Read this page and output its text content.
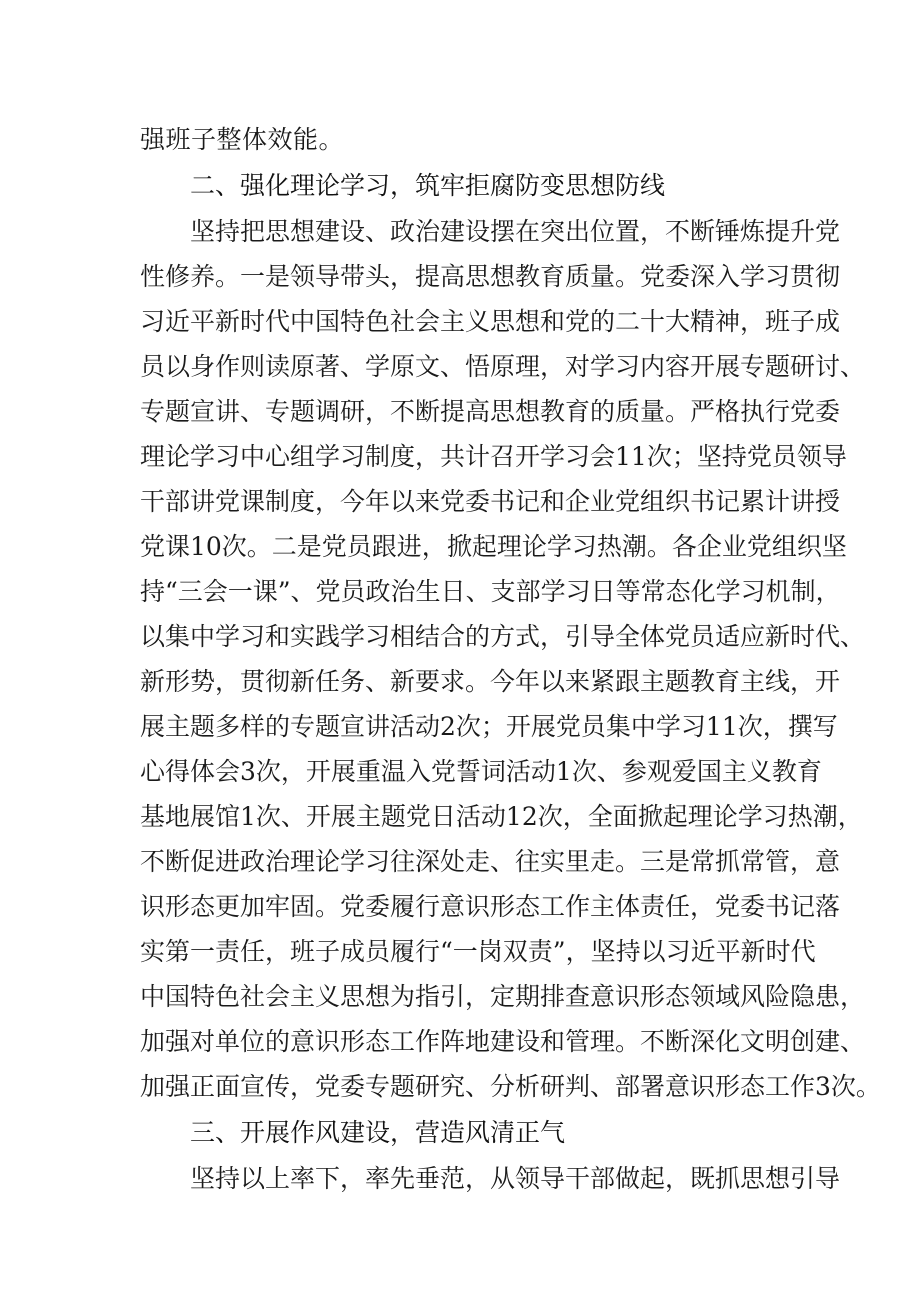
强班子整体效能。
二、强化理论学习，筑牢拒腐防变思想防线
坚持把思想建设、政治建设摆在突出位置，不断锤炼提升党
性修养。一是领导带头，提高思想教育质量。党委深入学习贯彻
习近平新时代中国特色社会主义思想和党的二十大精神，班子成
员以身作则读原著、学原文、悟原理，对学习内容开展专题研讨、
专题宣讲、专题调研，不断提高思想教育的质量。严格执行党委
理论学习中心组学习制度，共计召开学习会11次；坚持党员领导
干部讲党课制度，今年以来党委书记和企业党组织书记累计讲授
党课10次。二是党员跟进，掀起理论学习热潮。各企业党组织坚
持“三会一课”、党员政治生日、支部学习日等常态化学习机制，
以集中学习和实践学习相结合的方式，引导全体党员适应新时代、
新形势，贯彻新任务、新要求。今年以来紧跟主题教育主线，开
展主题多样的专题宣讲活动2次；开展党员集中学习11次，撰写
心得体会3次，开展重温入党誓词活动1次、参观爱国主义教育
基地展馆1次、开展主题党日活动12次，全面掀起理论学习热潮，
不断促进政治理论学习往深处走、往实里走。三是常抓常管，意
识形态更加牢固。党委履行意识形态工作主体责任，党委书记落
实第一责任，班子成员履行“一岗双责”，坚持以习近平新时代
中国特色社会主义思想为指引，定期排查意识形态领域风险隐患，
加强对单位的意识形态工作阵地建设和管理。不断深化文明创建、
加强正面宣传，党委专题研究、分析研判、部署意识形态工作3次。
三、开展作风建设，营造风清正气
坚持以上率下，率先垂范，从领导干部做起，既抓思想引导
